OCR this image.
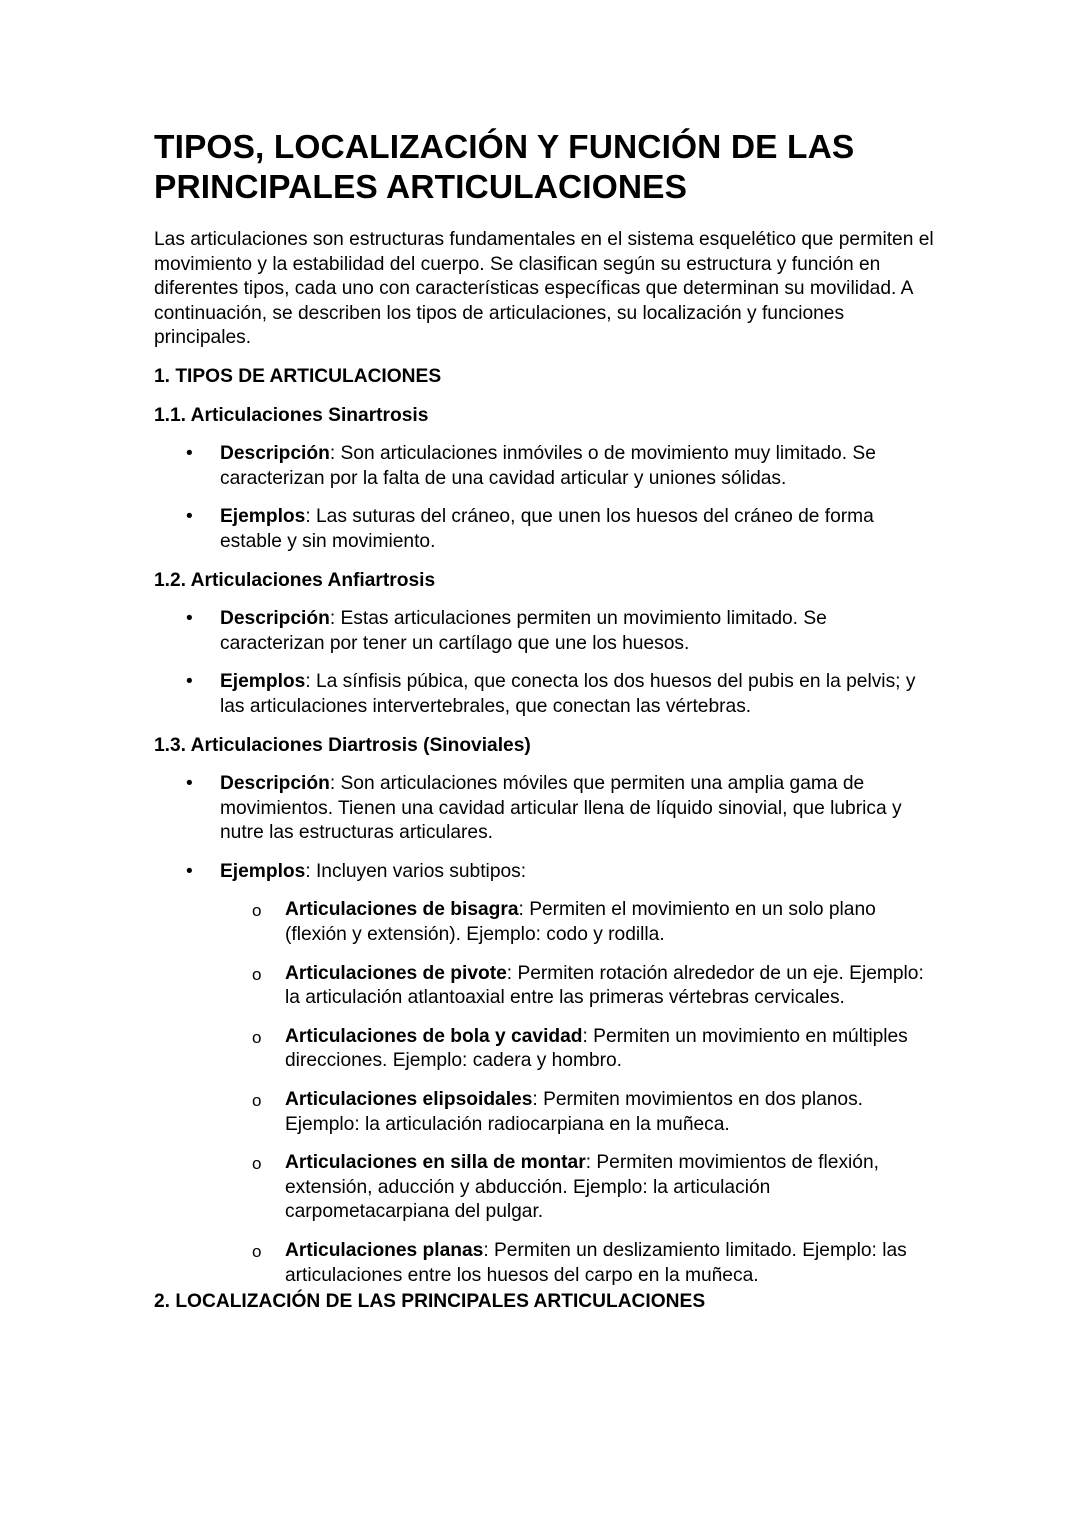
TIPOS, LOCALIZACIÓN Y FUNCIÓN DE LAS PRINCIPALES ARTICULACIONES

Las articulaciones son estructuras fundamentales en el sistema esquelético que permiten el movimiento y la estabilidad del cuerpo. Se clasifican según su estructura y función en diferentes tipos, cada uno con características específicas que determinan su movilidad. A continuación, se describen los tipos de articulaciones, su localización y funciones principales.

1. TIPOS DE ARTICULACIONES
1.1. Articulaciones Sinartrosis
•	Descripción: Son articulaciones inmóviles o de movimiento muy limitado. Se caracterizan por la falta de una cavidad articular y uniones sólidas.
•	Ejemplos: Las suturas del cráneo, que unen los huesos del cráneo de forma estable y sin movimiento.
1.2. Articulaciones Anfiartrosis
•	Descripción: Estas articulaciones permiten un movimiento limitado. Se caracterizan por tener un cartílago que une los huesos.
•	Ejemplos: La sínfisis púbica, que conecta los dos huesos del pubis en la pelvis; y las articulaciones intervertebrales, que conectan las vértebras.
1.3. Articulaciones Diartrosis (Sinoviales)
•	Descripción: Son articulaciones móviles que permiten una amplia gama de movimientos. Tienen una cavidad articular llena de líquido sinovial, que lubrica y nutre las estructuras articulares.
•	Ejemplos: Incluyen varios subtipos:
o Articulaciones de bisagra: Permiten el movimiento en un solo plano (flexión y extensión). Ejemplo: codo y rodilla.
o Articulaciones de pivote: Permiten rotación alrededor de un eje. Ejemplo: la articulación atlantoaxial entre las primeras vértebras cervicales.
o Articulaciones de bola y cavidad: Permiten un movimiento en múltiples direcciones. Ejemplo: cadera y hombro.
o Articulaciones elipsoidales: Permiten movimientos en dos planos. Ejemplo: la articulación radiocarpiana en la muñeca.
o Articulaciones en silla de montar: Permiten movimientos de flexión, extensión, aducción y abducción. Ejemplo: la articulación carpometacarpiana del pulgar.
o Articulaciones planas: Permiten un deslizamiento limitado. Ejemplo: las articulaciones entre los huesos del carpo en la muñeca.
2. LOCALIZACIÓN DE LAS PRINCIPALES ARTICULACIONES
